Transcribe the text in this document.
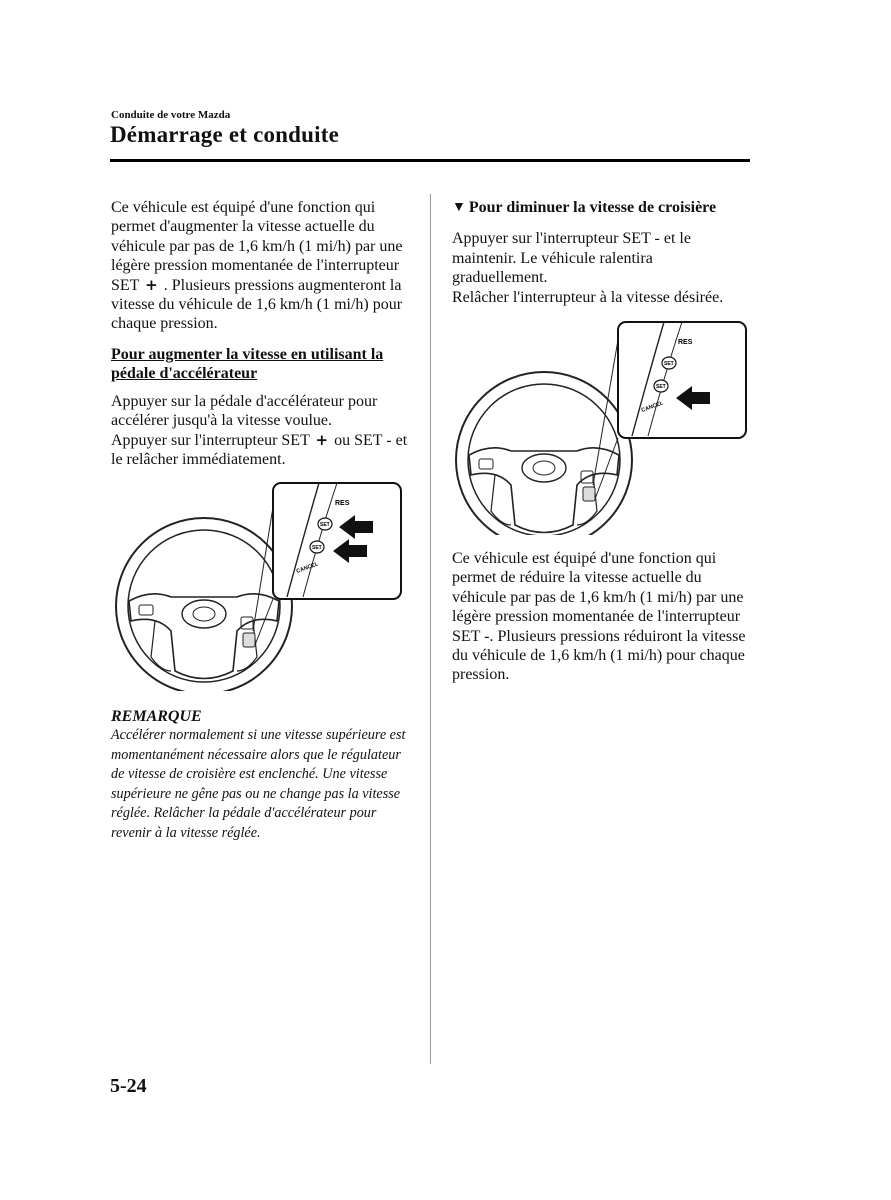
Conduite de votre Mazda
Démarrage et conduite

Ce véhicule est équipé d'une fonction qui permet d'augmenter la vitesse actuelle du véhicule par pas de 1,6 km/h (1 mi/h) par une légère pression momentanée de l'interrupteur SET + . Plusieurs pressions augmenteront la vitesse du véhicule de 1,6 km/h (1 mi/h) pour chaque pression.

Pour augmenter la vitesse en utilisant la pédale d'accélérateur

Appuyer sur la pédale d'accélérateur pour accélérer jusqu'à la vitesse voulue.
Appuyer sur l'interrupteur SET + ou SET - et le relâcher immédiatement.

RES
SET
SET
CANCEL

REMARQUE

Accélérer normalement si une vitesse supérieure est momentanément nécessaire alors que le régulateur de vitesse de croisière est enclenché. Une vitesse supérieure ne gêne pas ou ne change pas la vitesse réglée. Relâcher la pédale d'accélérateur pour revenir à la vitesse réglée.

▼ Pour diminuer la vitesse de croisière

Appuyer sur l'interrupteur SET - et le maintenir. Le véhicule ralentira graduellement.

Relâcher l'interrupteur à la vitesse désirée.

RES
SET
SET
CANCEL

Ce véhicule est équipé d'une fonction qui permet de réduire la vitesse actuelle du véhicule par pas de 1,6 km/h (1 mi/h) par une légère pression momentanée de l'interrupteur SET -. Plusieurs pressions réduiront la vitesse du véhicule de 1,6 km/h (1 mi/h) pour chaque pression.

5-24
